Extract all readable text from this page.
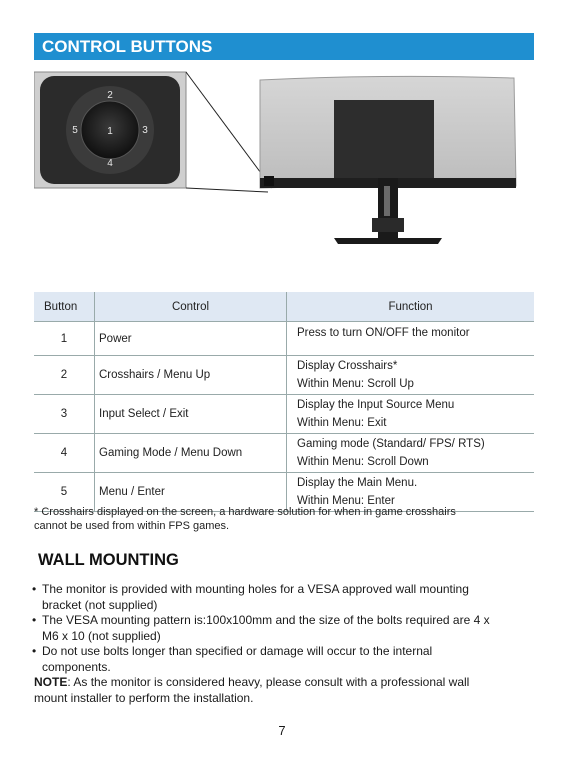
CONTROL BUTTONS
1
2
3
4
5
Button	Control	Function
1	Power	Press to turn ON/OFF the monitor

2	Crosshairs / Menu Up	Display Crosshairs*
Within Menu: Scroll Up

3	Input Select / Exit	Display the Input Source Menu
Within Menu: Exit

4	Gaming Mode / Menu Down	Gaming mode (Standard/ FPS/ RTS)
Within Menu: Scroll Down

5	Menu / Enter	Display the Main Menu.
Within Menu: Enter
* Crosshairs displayed on the screen, a hardware solution for when in game crosshairs
cannot be used from within FPS games.
WALL MOUNTING
• The monitor is provided with mounting holes for a VESA approved wall mounting
bracket (not supplied)
• The VESA mounting pattern is:100x100mm and the size of the bolts required are 4 x
M6 x 10 (not supplied)
• Do not use bolts longer than specified or damage will occur to the internal
components.
NOTE: As the monitor is considered heavy, please consult with a professional wall
mount installer to perform the installation.
7
